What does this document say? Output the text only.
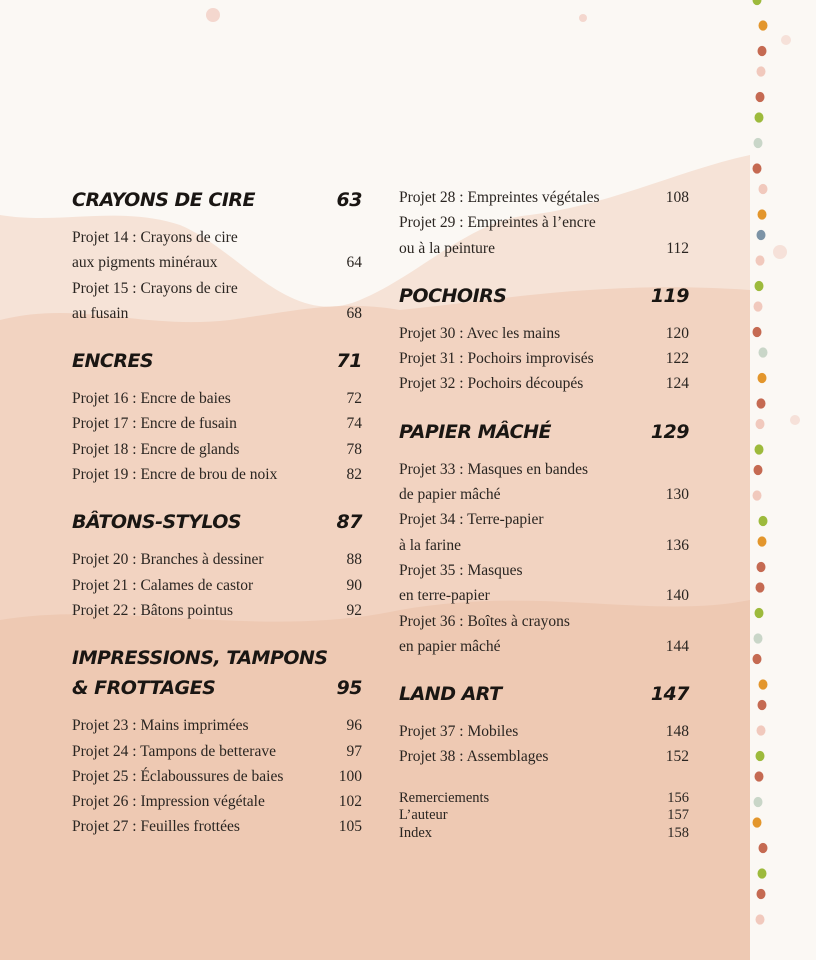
CRAYONS DE CIRE	63
Projet 14 : Crayons de cire
aux pigments minéraux	64
Projet 15 : Crayons de cire
au fusain	68
ENCRES	71
Projet 16 : Encre de baies	72
Projet 17 : Encre de fusain	74
Projet 18 : Encre de glands	78
Projet 19 : Encre de brou de noix	82
BÂTONS-STYLOS	87
Projet 20 : Branches à dessiner	88
Projet 21 : Calames de castor	90
Projet 22 : Bâtons pointus	92
IMPRESSIONS, TAMPONS
& FROTTAGES	95
Projet 23 : Mains imprimées	96
Projet 24 : Tampons de betterave	97
Projet 25 : Éclaboussures de baies	100
Projet 26 : Impression végétale	102
Projet 27 : Feuilles frottées	105
Projet 28 : Empreintes végétales	108
Projet 29 : Empreintes à l’encre
ou à la peinture	112
POCHOIRS	119
Projet 30 : Avec les mains	120
Projet 31 : Pochoirs improvisés	122
Projet 32 : Pochoirs découpés	124
PAPIER MÂCHÉ	129
Projet 33 : Masques en bandes
de papier mâché	130
Projet 34 : Terre-papier
à la farine	136
Projet 35 : Masques
en terre-papier	140
Projet 36 : Boîtes à crayons
en papier mâché	144
LAND ART	147
Projet 37 : Mobiles	148
Projet 38 : Assemblages	152
Remerciements	156
L’auteur	157
Index	158
